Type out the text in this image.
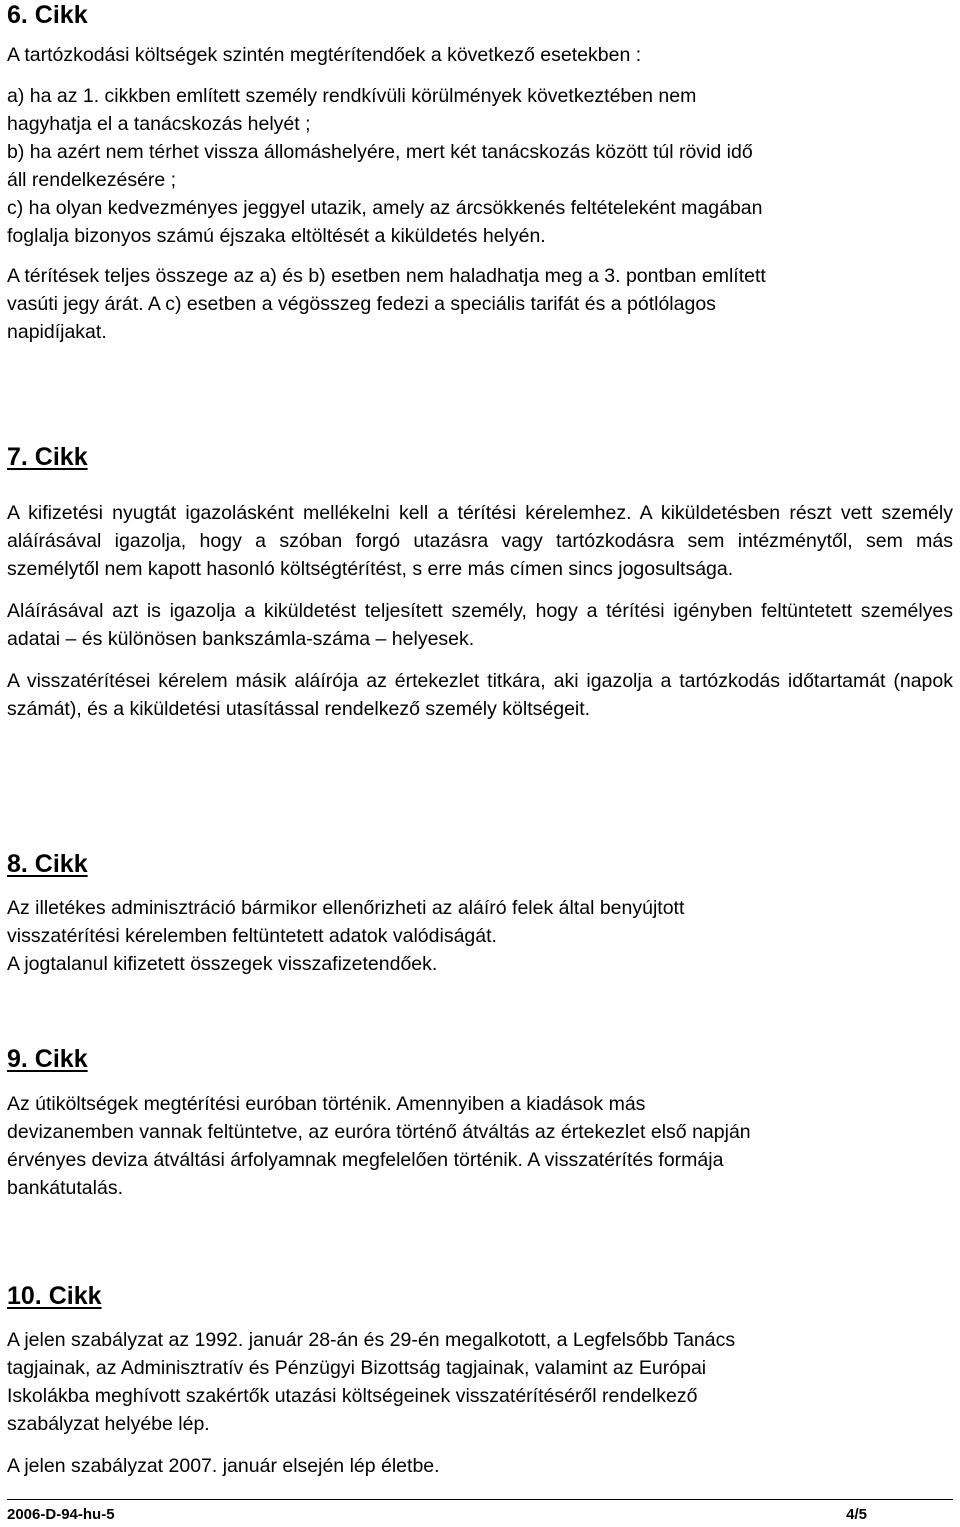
6. Cikk

A tartózkodási költségek szintén megtérítendőek a következő esetekben :

a) ha az 1. cikkben említett személy rendkívüli körülmények következtében nem
hagyhatja el a tanácskozás helyét ;
b) ha azért nem térhet vissza állomáshelyére, mert két tanácskozás között túl rövid idő
áll rendelkezésére ;
c) ha olyan kedvezményes jeggyel utazik, amely az árcsökkenés feltételeként magában
foglalja bizonyos számú éjszaka eltöltését a kiküldetés helyén.
A térítések teljes összege az a) és b) esetben nem haladhatja meg a 3. pontban említett
vasúti jegy árát. A c) esetben a végösszeg fedezi a speciális tarifát és a pótlólagos
napidíjakat.
7. Cikk

A kifizetési nyugtát igazolásként mellékelni kell a térítési kérelemhez. A kiküldetésben részt vett személy aláírásával igazolja, hogy a szóban forgó utazásra vagy tartózkodásra sem intézménytől, sem más személytől nem kapott hasonló költségtérítést, s erre más címen sincs jogosultsága.

Aláírásával azt is igazolja a kiküldetést teljesített személy, hogy a térítési igényben feltüntetett személyes adatai – és különösen bankszámla-száma – helyesek.

A visszatérítései kérelem másik aláírója az értekezlet titkára, aki igazolja a tartózkodás időtartamát (napok számát), és a kiküldetési utasítással rendelkező személy költségeit.

8. Cikk
Az illetékes adminisztráció bármikor ellenőrizheti az aláíró felek által benyújtott
visszatérítési kérelemben feltüntetett adatok valódiságát.
A jogtalanul kifizetett összegek visszafizetendőek.
9. Cikk
Az útiköltségek megtérítési euróban történik. Amennyiben a kiadások más
devizanemben vannak feltüntetve, az euróra történő átváltás az értekezlet első napján
érvényes deviza átváltási árfolyamnak megfelelően történik. A visszatérítés formája
bankátutalás.
10. Cikk
A jelen szabályzat az 1992. január 28-án és 29-én megalkotott, a Legfelsőbb Tanács
tagjainak, az Adminisztratív és Pénzügyi Bizottság tagjainak, valamint az Európai
Iskolákba meghívott szakértők utazási költségeinek visszatérítéséről rendelkező
szabályzat helyébe lép.

A jelen szabályzat 2007. január elsején lép életbe.

2006-D-94-hu-5	4/5
